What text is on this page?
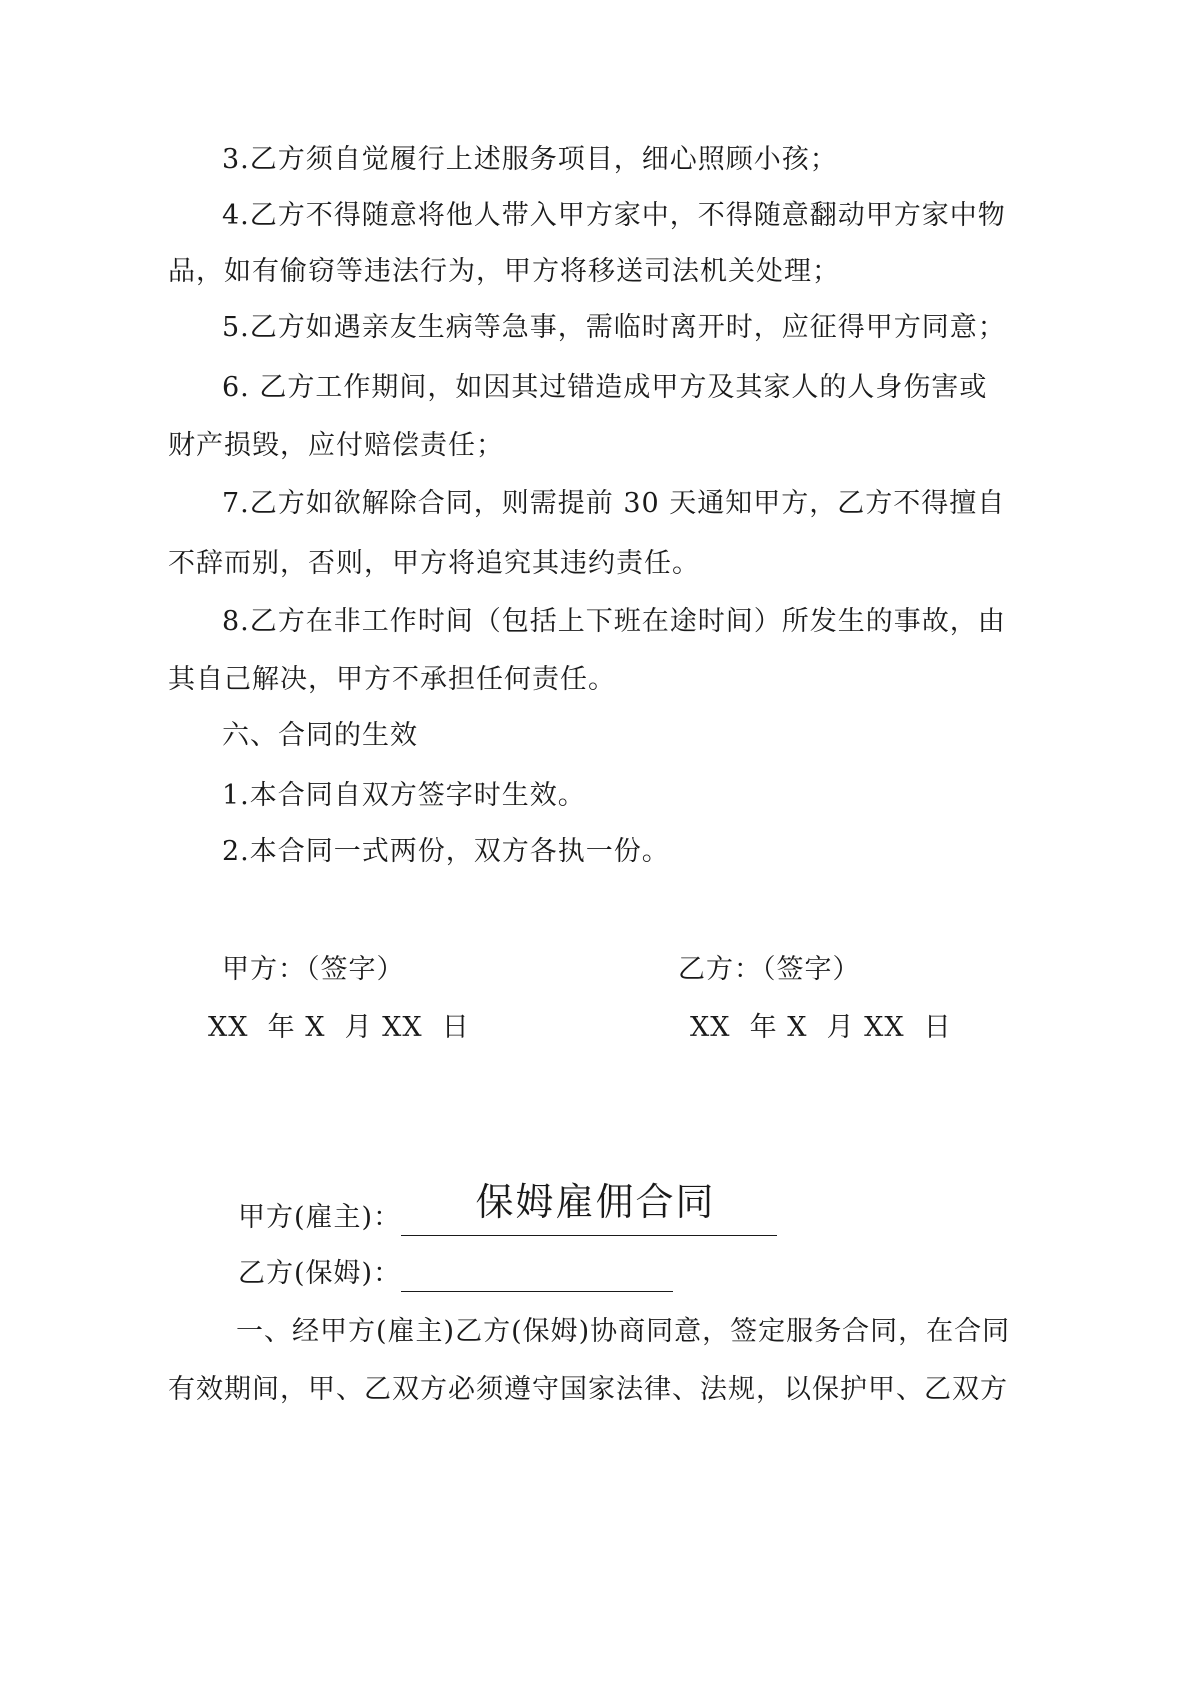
3.乙方须自觉履行上述服务项目，细心照顾小孩；
4.乙方不得随意将他人带入甲方家中，不得随意翻动甲方家中物
品，如有偷窃等违法行为，甲方将移送司法机关处理；
5.乙方如遇亲友生病等急事，需临时离开时，应征得甲方同意；
6. 乙方工作期间，如因其过错造成甲方及其家人的人身伤害或
财产损毁，应付赔偿责任；
7.乙方如欲解除合同，则需提前 30 天通知甲方，乙方不得擅自
不辞而别，否则，甲方将追究其违约责任。
8.乙方在非工作时间（包括上下班在途时间）所发生的事故，由
其自己解决，甲方不承担任何责任。
六、合同的生效
1.本合同自双方签字时生效。
2.本合同一式两份，双方各执一份。
甲方：（签字）	乙方：（签字）
XX  年 X  月 XX  日	XX  年 X  月 XX  日
保姆雇佣合同
甲方(雇主)：
乙方(保姆)：
一、经甲方(雇主)乙方(保姆)协商同意，签定服务合同，在合同
有效期间，甲、乙双方必须遵守国家法律、法规，以保护甲、乙双方
